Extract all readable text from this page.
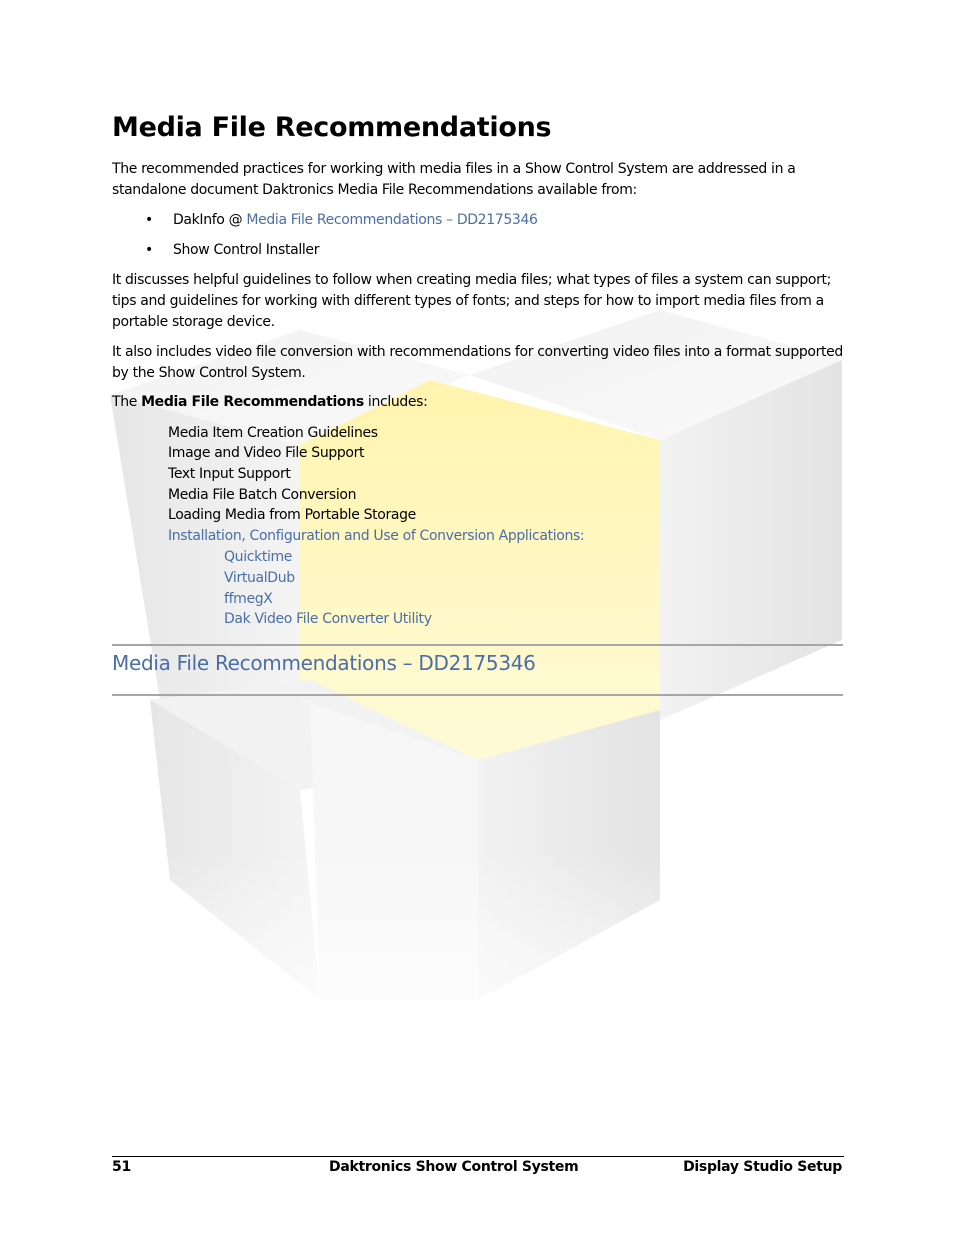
Media File Recommendations
The recommended practices for working with media files in a Show Control System are addressed in a standalone document Daktronics Media File Recommendations available from:
• DakInfo @ Media File Recommendations – DD2175346
• Show Control Installer
It discusses helpful guidelines to follow when creating media files; what types of files a system can support; tips and guidelines for working with different types of fonts; and steps for how to import media files from a portable storage device.
It also includes video file conversion with recommendations for converting video files into a format supported by the Show Control System.
The Media File Recommendations includes:
Media Item Creation Guidelines
Image and Video File Support
Text Input Support
Media File Batch Conversion
Loading Media from Portable Storage
Installation, Configuration and Use of Conversion Applications:
Quicktime
VirtualDub
ffmegX
Dak Video File Converter Utility
Media File Recommendations – DD2175346
51	Daktronics Show Control System	Display Studio Setup
